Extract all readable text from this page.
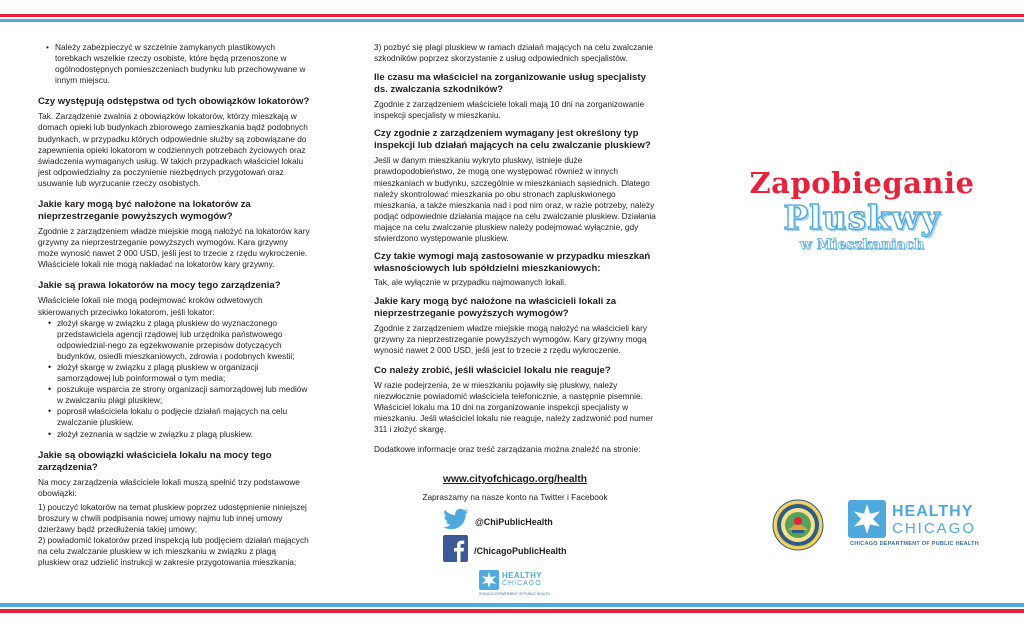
• Należy zabezpieczyć w szczelnie zamykanych plastikowych torebkach wszelkie rzeczy osobiste, które będą przenoszone w ogólnodostępnych pomieszczeniach budynku lub przechowywane w innym miejscu.

Czy występują odstępstwa od tych obowiązków lokatorów?

Tak. Zarządzenie zwalnia z obowiązków lokatorów, którzy mieszkają w domach opieki lub budynkach zbiorowego zamieszkania bądź podobnych budynkach, w przypadku których odpowiednie służby są zobowiązane do zapewnienia opieki lokatorom w codziennych potrzebach życiowych oraz świadczenia wymaganych usług. W takich przypadkach właściciel lokalu jest odpowiedzialny za poczynienie niezbędnych przygotowań oraz usuwanie lub wyrzucanie rzeczy osobistych.

Jakie kary mogą być nałożone na lokatorów za nieprzestrzeganie powyższych wymogów?

Zgodnie z zarządzeniem władze miejskie mogą nałożyć na lokatorów kary grzywny za nieprzestrzeganie powyższych wymogów. Kara grzywny może wynosić nawet 2 000 USD, jeśli jest to trzecie z rzędu wykroczenie. Właściciele lokali nie mogą nakładać na lokatorów kary grzywny.

Jakie są prawa lokatorów na mocy tego zarządzenia?

Właściciele lokali nie mogą podejmować kroków odwetowych skierowanych przeciwko lokatorom, jeśli lokator:

• złożył skargę w związku z plagą pluskiew do wyznaczonego przedstawiciela agencji rządowej lub urzędnika państwowego odpowiedzial-nego za egzekwowanie przepisów dotyczących budynków, osiedli mieszkaniowych, zdrowia i podobnych kwestii;
• złożył skargę w związku z plagą pluskiew w organizacji samorządowej lub poinformował o tym media;
• poszukuje wsparcia ze strony organizacji samorządowej lub mediów w zwalczaniu plagi pluskiew;
• poprosił właściciela lokalu o podjęcie działań mających na celu zwalczanie pluskiew.
• złożył zeznania w sądzie w związku z plagą pluskiew.

Jakie są obowiązki właściciela lokalu na mocy tego zarządzenia?

Na mocy zarządzenia właściciele lokali muszą spełnić trzy podstawowe obowiązki:

1) pouczyć lokatorów na temat pluskiew poprzez udostępnienie niniejszej broszury w chwili podpisania nowej umowy najmu lub innej umowy dzierżawy bądź przedłużenia takiej umowy;

2) powiadomić lokatorów przed inspekcją lub podjęciem działań mających na celu zwalczanie pluskiew w ich mieszkaniu w związku z plagą pluskiew oraz udzielić instrukcji w zakresie przygotowania mieszkania;

3) pozbyć się plagi pluskiew w ramach działań mających na celu zwalczanie szkodników poprzez skorzystanie z usług odpowiednich specjalistów.

Ile czasu ma właściciel na zorganizowanie usług specjalisty ds. zwalczania szkodników?

Zgodnie z zarządzeniem właściciele lokali mają 10 dni na zorganizowanie inspekcji specjalisty w mieszkaniu.

Czy zgodnie z zarządzeniem wymagany jest określony typ inspekcji lub działań mających na celu zwalczanie pluskiew?

Jeśli w danym mieszkaniu wykryto pluskwy, istnieje duże prawdopodobieństwo, że mogą one występować również w innych mieszkaniach w budynku, szczególnie w mieszkaniach sąsiednich. Dlatego należy skontrolować mieszkania po obu stronach zapluskwionego mieszkania, a także mieszkania nad i pod nim oraz, w razie potrzeby, należy podjąć odpowiednie działania mające na celu zwalczanie pluskiew. Działania mające na celu zwalczanie pluskiew należy podejmować wyłącznie, gdy stwierdzono występowanie pluskiew.

Czy takie wymogi mają zastosowanie w przypadku mieszkań własnościowych lub spółdzielni mieszkaniowych:

Tak, ale wyłącznie w przypadku najmowanych lokali.

Jakie kary mogą być nałożone na właścicieli lokali za nieprzestrzeganie powyższych wymogów?

Zgodnie z zarządzeniem władze miejskie mogą nałożyć na właścicieli kary grzywny za nieprzestrzeganie powyższych wymogów. Kary grzywny mogą wynosić nawet 2 000 USD, jeśli jest to trzecie z rzędu wykroczenie.

Co należy zrobić, jeśli właściciel lokalu nie reaguje?

W razie podejrzenia, że w mieszkaniu pojawiły się pluskwy, należy niezwłocznie powiadomić właściciela telefonicznie, a następnie pisemnie. Właściciel lokalu ma 10 dni na zorganizowanie inspekcji specjalisty w mieszkaniu. Jeśli właściciel lokalu nie reaguje, należy zadzwonić pod numer 311 i złożyć skargę.

Dodatkowe informacje oraz treść zarządzania można znaleźć na stronie:

www.cityofchicago.org/health

Zapraszamy na nasze konto na Twitter i Facebook

@ChiPublicHealth
/ChicagoPublicHealth
HEALTHY
CHICAGO
CHICAGO DEPARTMENT OF PUBLIC HEALTH
Zapobieganie
Pluskwy
w Mieszkaniach
HEALTHY
CHICAGO
CHICAGO DEPARTMENT OF PUBLIC HEALTH
